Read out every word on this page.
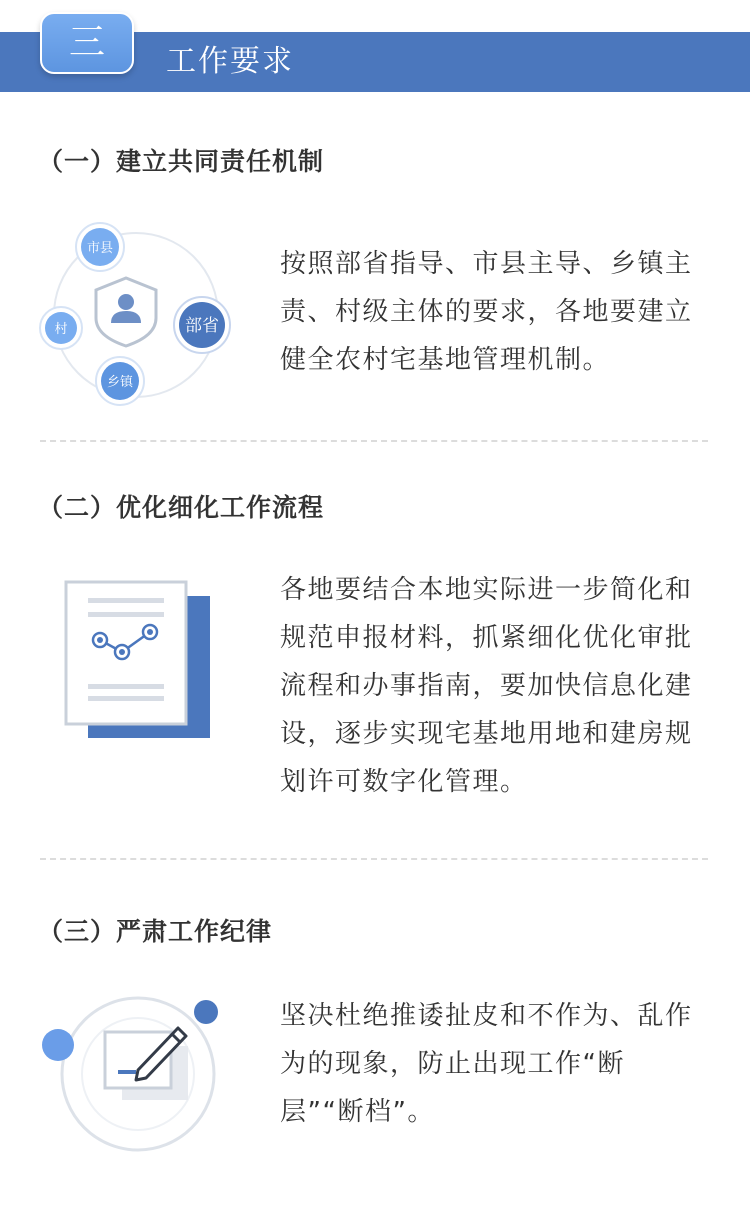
三	工作要求
（一）建立共同责任机制
市县
村	部省
乡镇
按照部省指导、市县主导、乡镇主责、村级主体的要求，各地要建立健全农村宅基地管理机制。
（二）优化细化工作流程
各地要结合本地实际进一步简化和规范申报材料，抓紧细化优化审批流程和办事指南，要加快信息化建设，逐步实现宅基地用地和建房规划许可数字化管理。
（三）严肃工作纪律
坚决杜绝推诿扯皮和不作为、乱作为的现象，防止出现工作“断层”“断档”。
